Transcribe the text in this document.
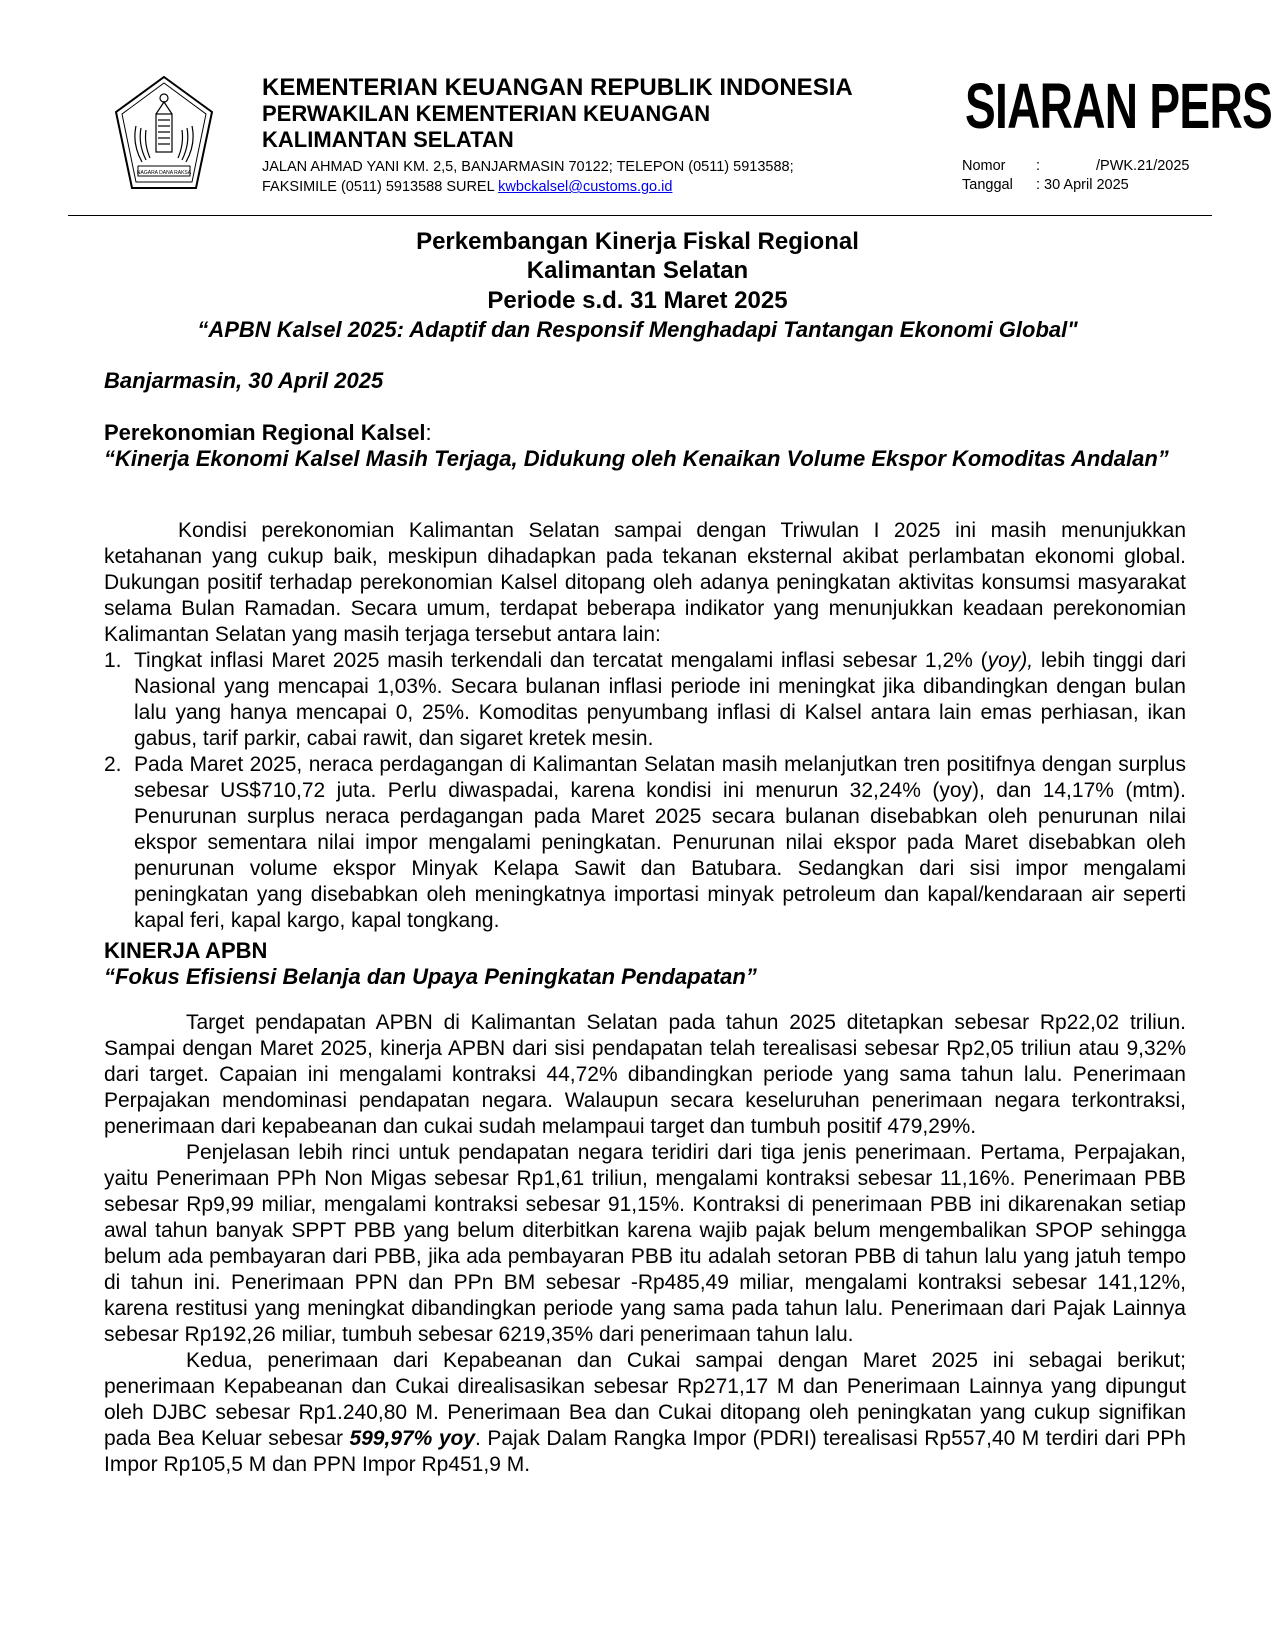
NAGARA DANA RAKSA
KEMENTERIAN KEUANGAN REPUBLIK INDONESIA
PERWAKILAN KEMENTERIAN KEUANGAN
KALIMANTAN SELATAN
JALAN AHMAD YANI KM. 2,5, BANJARMASIN 70122; TELEPON (0511) 5913588;
FAKSIMILE (0511) 5913588 SUREL kwbckalsel@customs.go.id
SIARAN PERS
Nomor	:	/PWK.21/2025
Tanggal	: 30 April 2025
Perkembangan Kinerja Fiskal Regional
Kalimantan Selatan
Periode s.d. 31 Maret 2025
“APBN Kalsel 2025: Adaptif dan Responsif Menghadapi Tantangan Ekonomi Global"
Banjarmasin, 30 April 2025
Perekonomian Regional Kalsel:
“Kinerja Ekonomi Kalsel Masih Terjaga, Didukung oleh Kenaikan Volume Ekspor Komoditas Andalan”
Kondisi perekonomian Kalimantan Selatan sampai dengan Triwulan I 2025 ini masih menunjukkan ketahanan yang cukup baik, meskipun dihadapkan pada tekanan eksternal akibat perlambatan ekonomi global. Dukungan positif terhadap perekonomian Kalsel ditopang oleh adanya peningkatan aktivitas konsumsi masyarakat selama Bulan Ramadan. Secara umum, terdapat beberapa indikator yang menunjukkan keadaan perekonomian Kalimantan Selatan yang masih terjaga tersebut antara lain:
1. Tingkat inflasi Maret 2025 masih terkendali dan tercatat mengalami inflasi sebesar 1,2% (yoy), lebih tinggi dari Nasional yang mencapai 1,03%. Secara bulanan inflasi periode ini meningkat jika dibandingkan dengan bulan lalu yang hanya mencapai 0, 25%. Komoditas penyumbang inflasi di Kalsel antara lain emas perhiasan, ikan gabus, tarif parkir, cabai rawit, dan sigaret kretek mesin.
2. Pada Maret 2025, neraca perdagangan di Kalimantan Selatan masih melanjutkan tren positifnya dengan surplus sebesar US$710,72 juta. Perlu diwaspadai, karena kondisi ini menurun 32,24% (yoy), dan 14,17% (mtm). Penurunan surplus neraca perdagangan pada Maret 2025 secara bulanan disebabkan oleh penurunan nilai ekspor sementara nilai impor mengalami peningkatan. Penurunan nilai ekspor pada Maret disebabkan oleh penurunan volume ekspor Minyak Kelapa Sawit dan Batubara. Sedangkan dari sisi impor mengalami peningkatan yang disebabkan oleh meningkatnya importasi minyak petroleum dan kapal/kendaraan air seperti kapal feri, kapal kargo, kapal tongkang.
KINERJA APBN
“Fokus Efisiensi Belanja dan Upaya Peningkatan Pendapatan”
Target pendapatan APBN di Kalimantan Selatan pada tahun 2025 ditetapkan sebesar Rp22,02 triliun. Sampai dengan Maret 2025, kinerja APBN dari sisi pendapatan telah terealisasi sebesar Rp2,05 triliun atau 9,32% dari target. Capaian ini mengalami kontraksi 44,72% dibandingkan periode yang sama tahun lalu. Penerimaan Perpajakan mendominasi pendapatan negara. Walaupun secara keseluruhan penerimaan negara terkontraksi, penerimaan dari kepabeanan dan cukai sudah melampaui target dan tumbuh positif 479,29%.
Penjelasan lebih rinci untuk pendapatan negara teridiri dari tiga jenis penerimaan. Pertama, Perpajakan, yaitu Penerimaan PPh Non Migas sebesar Rp1,61 triliun, mengalami kontraksi sebesar 11,16%. Penerimaan PBB sebesar Rp9,99 miliar, mengalami kontraksi sebesar 91,15%. Kontraksi di penerimaan PBB ini dikarenakan setiap awal tahun banyak SPPT PBB yang belum diterbitkan karena wajib pajak belum mengembalikan SPOP sehingga belum ada pembayaran dari PBB, jika ada pembayaran PBB itu adalah setoran PBB di tahun lalu yang jatuh tempo di tahun ini. Penerimaan PPN dan PPn BM sebesar -Rp485,49 miliar, mengalami kontraksi sebesar 141,12%, karena restitusi yang meningkat dibandingkan periode yang sama pada tahun lalu. Penerimaan dari Pajak Lainnya sebesar Rp192,26 miliar, tumbuh sebesar 6219,35% dari penerimaan tahun lalu.
Kedua, penerimaan dari Kepabeanan dan Cukai sampai dengan Maret 2025 ini sebagai berikut; penerimaan Kepabeanan dan Cukai direalisasikan sebesar Rp271,17 M dan Penerimaan Lainnya yang dipungut oleh DJBC sebesar Rp1.240,80 M. Penerimaan Bea dan Cukai ditopang oleh peningkatan yang cukup signifikan pada Bea Keluar sebesar 599,97% yoy. Pajak Dalam Rangka Impor (PDRI) terealisasi Rp557,40 M terdiri dari PPh Impor Rp105,5 M dan PPN Impor Rp451,9 M.
